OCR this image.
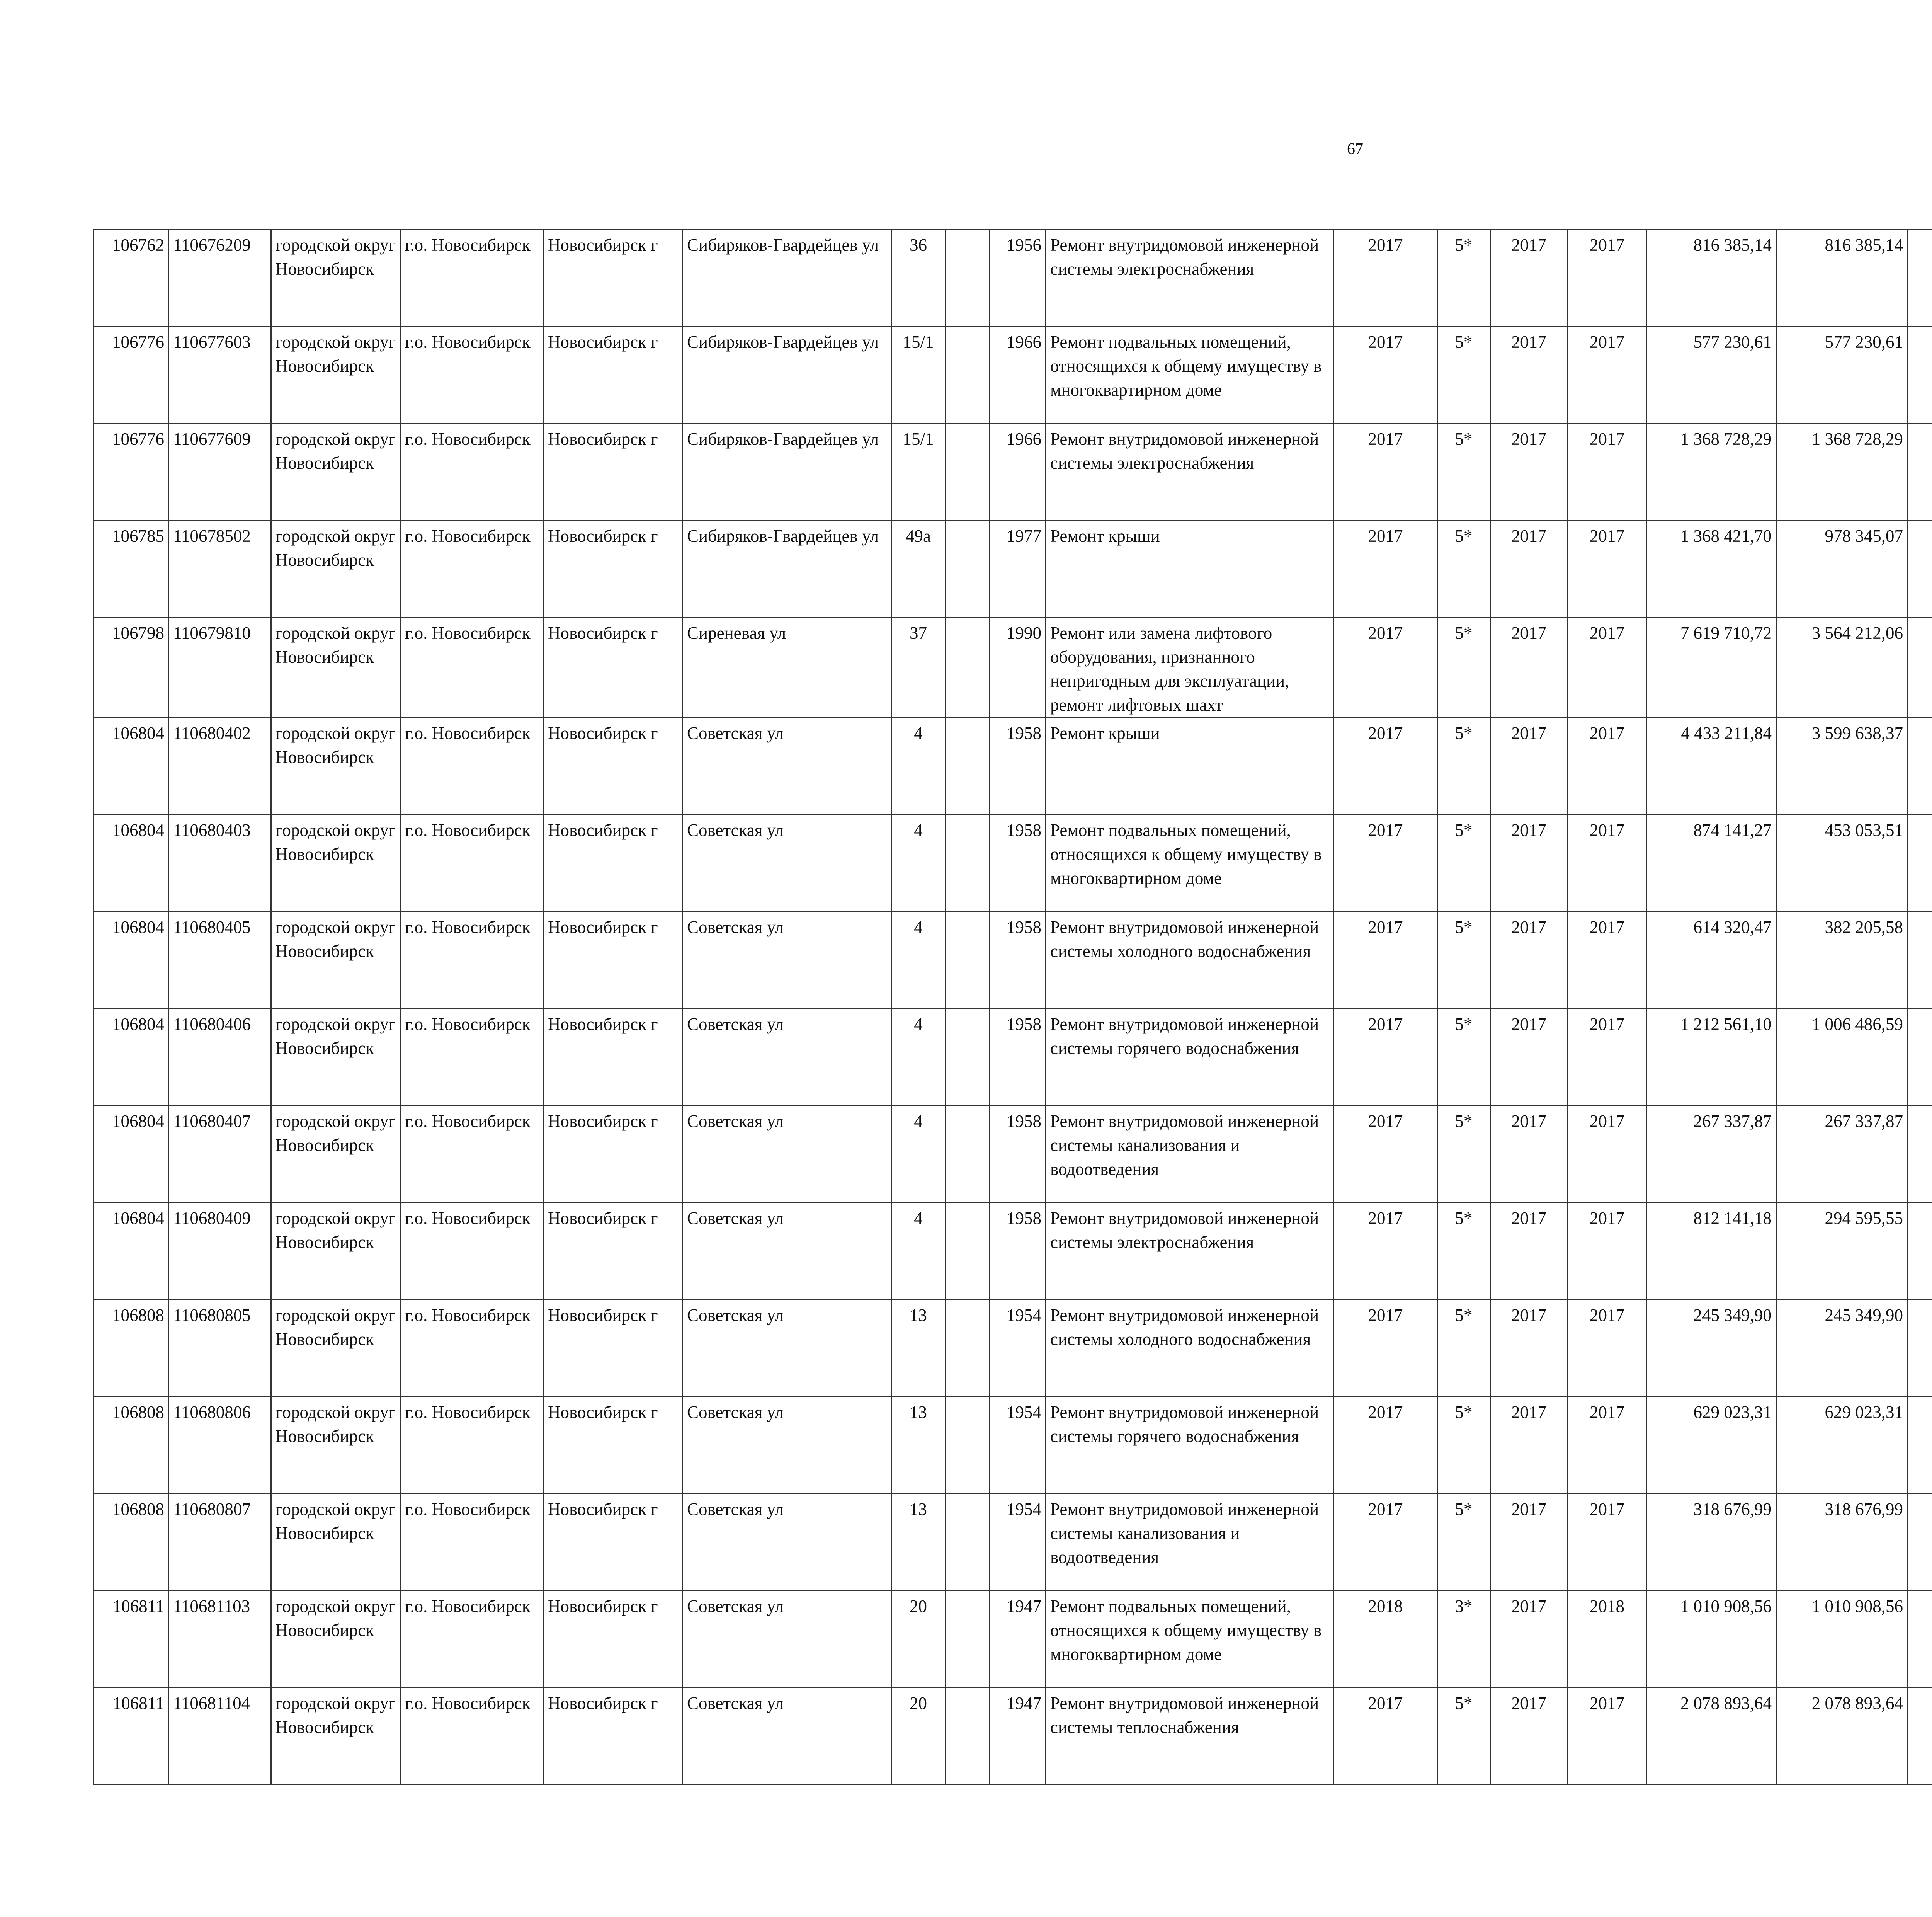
67
106762	110676209	городской округ Новосибирск	г.о. Новосибирск	Новосибирск г	Сибиряков-Гвардейцев ул	36		1956	Ремонт внутридомовой инженерной системы электроснабжения	2017	5*	2017	2017	816 385,14	816 385,14						
106776	110677603	городской округ Новосибирск	г.о. Новосибирск	Новосибирск г	Сибиряков-Гвардейцев ул	15/1		1966	Ремонт подвальных помещений, относящихся к общему имуществу в многоквартирном доме	2017	5*	2017	2017	577 230,61	577 230,61						
106776	110677609	городской округ Новосибирск	г.о. Новосибирск	Новосибирск г	Сибиряков-Гвардейцев ул	15/1		1966	Ремонт внутридомовой инженерной системы электроснабжения	2017	5*	2017	2017	1 368 728,29	1 368 728,29						
106785	110678502	городской округ Новосибирск	г.о. Новосибирск	Новосибирск г	Сибиряков-Гвардейцев ул	49а		1977	Ремонт крыши	2017	5*	2017	2017	1 368 421,70	978 345,07						
106798	110679810	городской округ Новосибирск	г.о. Новосибирск	Новосибирск г	Сиреневая ул	37		1990	Ремонт или замена лифтового оборудования, признанного непригодным для эксплуатации, ремонт лифтовых шахт	2017	5*	2017	2017	7 619 710,72	3 564 212,06						
106804	110680402	городской округ Новосибирск	г.о. Новосибирск	Новосибирск г	Советская ул	4		1958	Ремонт крыши	2017	5*	2017	2017	4 433 211,84	3 599 638,37						
106804	110680403	городской округ Новосибирск	г.о. Новосибирск	Новосибирск г	Советская ул	4		1958	Ремонт подвальных помещений, относящихся к общему имуществу в многоквартирном доме	2017	5*	2017	2017	874 141,27	453 053,51						
106804	110680405	городской округ Новосибирск	г.о. Новосибирск	Новосибирск г	Советская ул	4		1958	Ремонт внутридомовой инженерной системы холодного водоснабжения	2017	5*	2017	2017	614 320,47	382 205,58						
106804	110680406	городской округ Новосибирск	г.о. Новосибирск	Новосибирск г	Советская ул	4		1958	Ремонт внутридомовой инженерной системы горячего водоснабжения	2017	5*	2017	2017	1 212 561,10	1 006 486,59						
106804	110680407	городской округ Новосибирск	г.о. Новосибирск	Новосибирск г	Советская ул	4		1958	Ремонт внутридомовой инженерной системы канализования и водоотведения	2017	5*	2017	2017	267 337,87	267 337,87						
106804	110680409	городской округ Новосибирск	г.о. Новосибирск	Новосибирск г	Советская ул	4		1958	Ремонт внутридомовой инженерной системы электроснабжения	2017	5*	2017	2017	812 141,18	294 595,55						
106808	110680805	городской округ Новосибирск	г.о. Новосибирск	Новосибирск г	Советская ул	13		1954	Ремонт внутридомовой инженерной системы холодного водоснабжения	2017	5*	2017	2017	245 349,90	245 349,90						
106808	110680806	городской округ Новосибирск	г.о. Новосибирск	Новосибирск г	Советская ул	13		1954	Ремонт внутридомовой инженерной системы горячего водоснабжения	2017	5*	2017	2017	629 023,31	629 023,31						
106808	110680807	городской округ Новосибирск	г.о. Новосибирск	Новосибирск г	Советская ул	13		1954	Ремонт внутридомовой инженерной системы канализования и водоотведения	2017	5*	2017	2017	318 676,99	318 676,99						
106811	110681103	городской округ Новосибирск	г.о. Новосибирск	Новосибирск г	Советская ул	20		1947	Ремонт подвальных помещений, относящихся к общему имуществу в многоквартирном доме	2018	3*	2017	2018	1 010 908,56	1 010 908,56						
106811	110681104	городской округ Новосибирск	г.о. Новосибирск	Новосибирск г	Советская ул	20		1947	Ремонт внутридомовой инженерной системы теплоснабжения	2017	5*	2017	2017	2 078 893,64	2 078 893,64						
